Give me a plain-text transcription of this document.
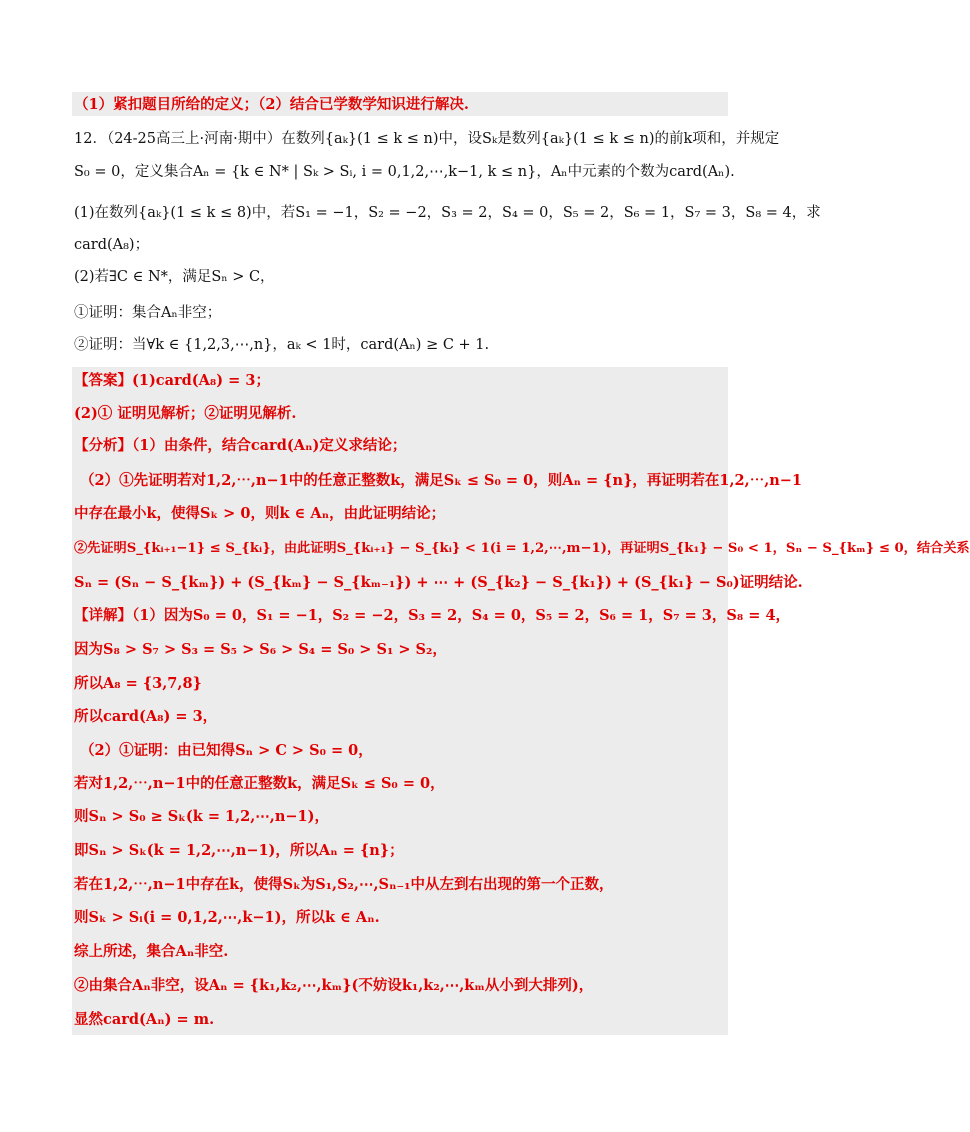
（1）紧扣题目所给的定义；（2）结合已学数学知识进行解决.
12．（24-25高三上·河南·期中）在数列{aₖ}(1 ≤ k ≤ n)中，设Sₖ是数列{aₖ}(1 ≤ k ≤ n)的前k项和，并规定
S₀ = 0，定义集合Aₙ = {k ∈ N* | Sₖ > Sᵢ, i = 0,1,2,⋯,k−1, k ≤ n}，Aₙ中元素的个数为card(Aₙ).
(1)在数列{aₖ}(1 ≤ k ≤ 8)中，若S₁ = −1，S₂ = −2，S₃ = 2，S₄ = 0，S₅ = 2，S₆ = 1，S₇ = 3，S₈ = 4，求
card(A₈)；
(2)若∃C ∈ N*，满足Sₙ > C，
①证明：集合Aₙ非空；
②证明：当∀k ∈ {1,2,3,⋯,n}，aₖ < 1时，card(Aₙ) ≥ C + 1.
【答案】(1)card(A₈) = 3；
(2)① 证明见解析；②证明见解析.
【分析】（1）由条件，结合card(Aₙ)定义求结论；
（2）①先证明若对1,2,⋯,n−1中的任意正整数k，满足Sₖ ≤ S₀ = 0，则Aₙ = {n}，再证明若在1,2,⋯,n−1
中存在最小k，使得Sₖ > 0，则k ∈ Aₙ，由此证明结论；
②先证明S_{kᵢ₊₁−1} ≤ S_{kᵢ}，由此证明S_{kᵢ₊₁} − S_{kᵢ} < 1(i = 1,2,⋯,m−1)，再证明S_{k₁} − S₀ < 1，Sₙ − S_{kₘ} ≤ 0，结合关系
Sₙ = (Sₙ − S_{kₘ}) + (S_{kₘ} − S_{kₘ₋₁}) + ⋯ + (S_{k₂} − S_{k₁}) + (S_{k₁} − S₀)证明结论.
【详解】（1）因为S₀ = 0，S₁ = −1，S₂ = −2，S₃ = 2，S₄ = 0，S₅ = 2，S₆ = 1，S₇ = 3，S₈ = 4，
因为S₈ > S₇ > S₃ = S₅ > S₆ > S₄ = S₀ > S₁ > S₂，
所以A₈ = {3,7,8}
所以card(A₈) = 3，
（2）①证明：由已知得Sₙ > C > S₀ = 0，
若对1,2,⋯,n−1中的任意正整数k，满足Sₖ ≤ S₀ = 0，
则Sₙ > S₀ ≥ Sₖ(k = 1,2,⋯,n−1)，
即Sₙ > Sₖ(k = 1,2,⋯,n−1)，所以Aₙ = {n}；
若在1,2,⋯,n−1中存在k，使得Sₖ为S₁,S₂,⋯,Sₙ₋₁中从左到右出现的第一个正数，
则Sₖ > Sᵢ(i = 0,1,2,⋯,k−1)，所以k ∈ Aₙ.
综上所述，集合Aₙ非空.
②由集合Aₙ非空，设Aₙ = {k₁,k₂,⋯,kₘ}(不妨设k₁,k₂,⋯,kₘ从小到大排列)，
显然card(Aₙ) = m.
